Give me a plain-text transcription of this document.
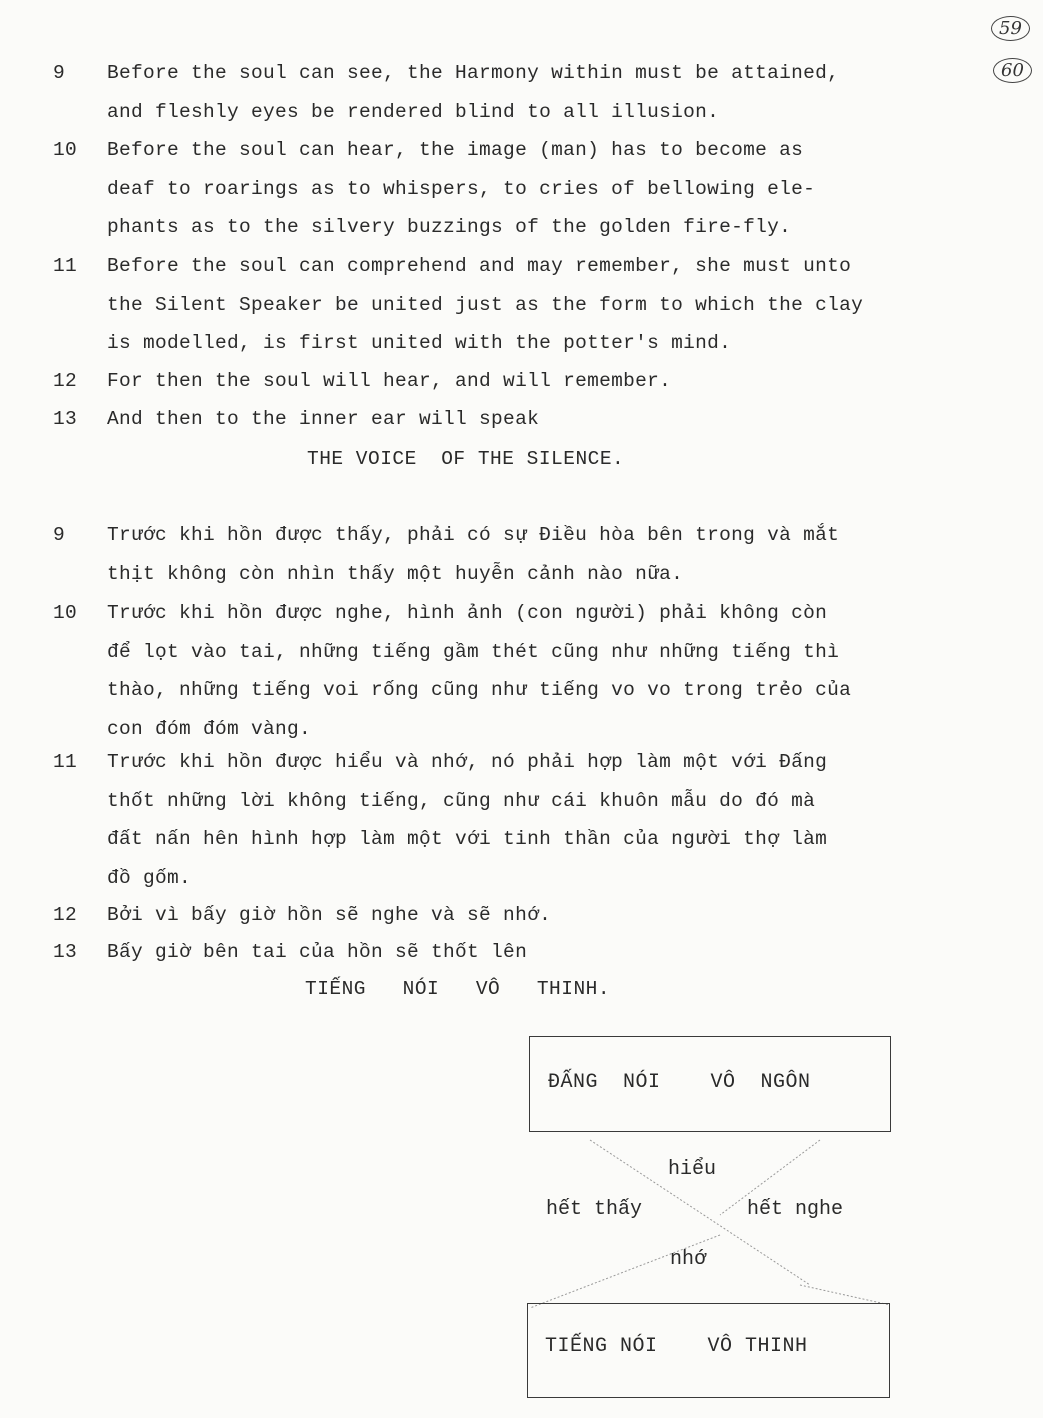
59
60
9 Before the soul can see, the Harmony within must be attained,
and fleshly eyes be rendered blind to all illusion.
10 Before the soul can hear, the image (man) has to become as
deaf to roarings as to whispers, to cries of bellowing ele-
phants as to the silvery buzzings of the golden fire-fly.
11 Before the soul can comprehend and may remember, she must unto
the Silent Speaker be united just as the form to which the clay
is modelled, is first united with the potter's mind.
12 For then the soul will hear, and will remember.
13 And then to the inner ear will speak
THE VOICE  OF THE SILENCE.
9 Trước khi hồn được thấy, phải có sự Điều hòa bên trong và mắt
thịt không còn nhìn thấy một huyễn cảnh nào nữa.
10 Trước khi hồn được nghe, hình ảnh (con người) phải không còn
để lọt vào tai, những tiếng gầm thét cũng như những tiếng thì
thào, những tiếng voi rống cũng như tiếng vo vo trong trẻo của
con đóm đóm vàng.
11 Trước khi hồn được hiểu và nhớ, nó phải hợp làm một với Đấng
thốt những lời không tiếng, cũng như cái khuôn mẫu do đó mà
đất nấn hên hình hợp làm một với tinh thần của người thợ làm
đồ gốm.
12 Bởi vì bấy giờ hồn sẽ nghe và sẽ nhớ.
13 Bấy giờ bên tai của hồn sẽ thốt lên
TIẾNG   NÓI   VÔ   THINH.
ĐẤNG  NÓI    VÔ  NGÔN
hiểu
hết thấy	hết nghe
nhớ
TIẾNG NÓI    VÔ THINH
